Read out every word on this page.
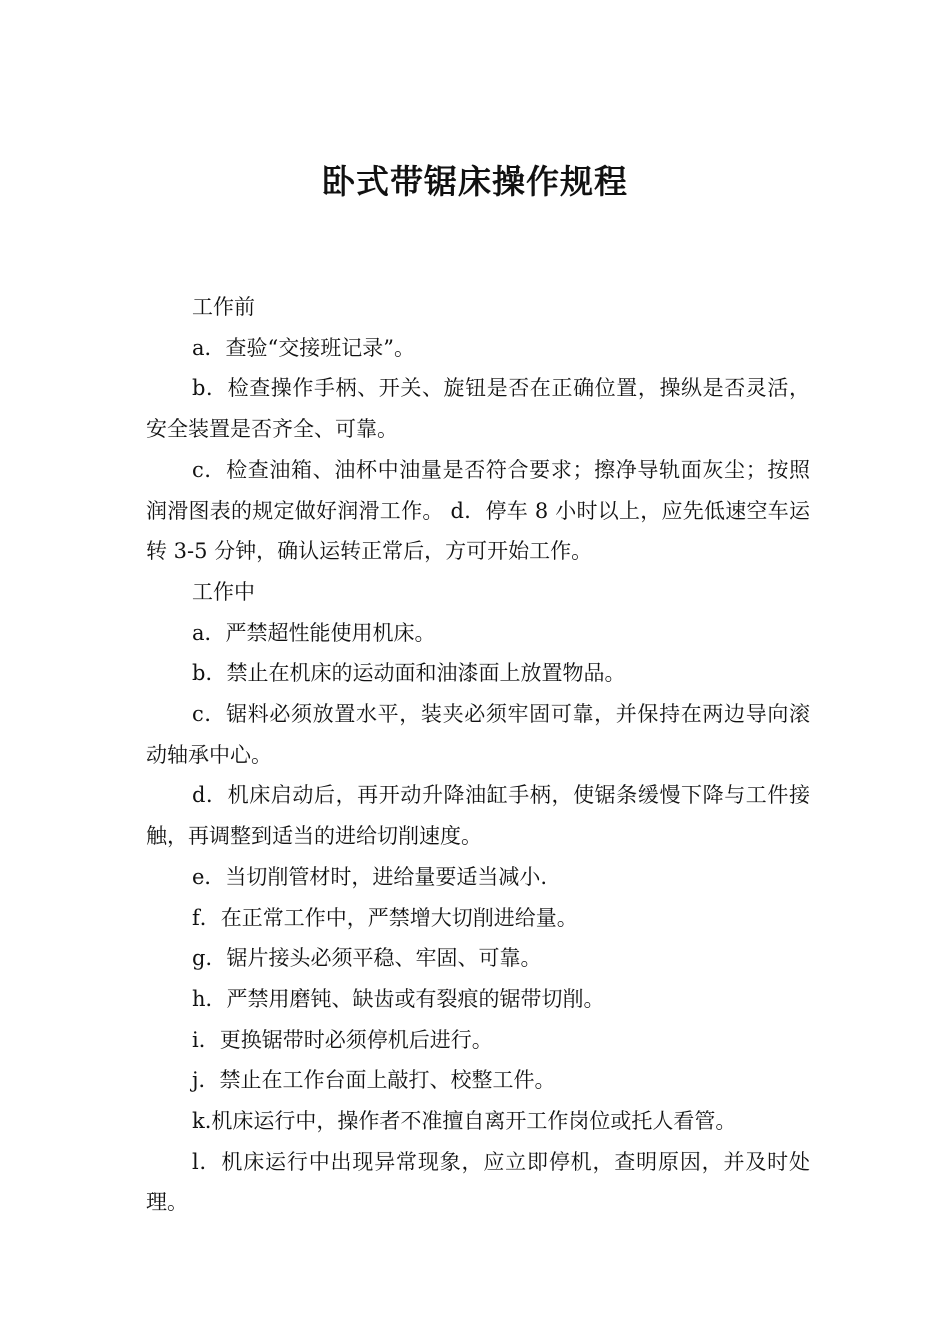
卧式带锯床操作规程

工作前

a．查验“交接班记录”。

b．检查操作手柄、开关、旋钮是否在正确位置，操纵是否灵活，安全装置是否齐全、可靠。

c．检查油箱、油杯中油量是否符合要求；擦净导轨面灰尘；按照润滑图表的规定做好润滑工作。 d．停车 8 小时以上，应先低速空车运转 3-5 分钟，确认运转正常后，方可开始工作。

工作中

a．严禁超性能使用机床。

b．禁止在机床的运动面和油漆面上放置物品。

c．锯料必须放置水平，装夹必须牢固可靠，并保持在两边导向滚动轴承中心。

d．机床启动后，再开动升降油缸手柄，使锯条缓慢下降与工件接触，再调整到适当的进给切削速度。

e．当切削管材时，进给量要适当减小.

f．在正常工作中，严禁增大切削进给量。

g．锯片接头必须平稳、牢固、可靠。

h．严禁用磨钝、缺齿或有裂痕的锯带切削。

i．更换锯带时必须停机后进行。

j．禁止在工作台面上敲打、校整工件。

k.机床运行中，操作者不准擅自离开工作岗位或托人看管。

l．机床运行中出现异常现象，应立即停机，查明原因，并及时处理。
